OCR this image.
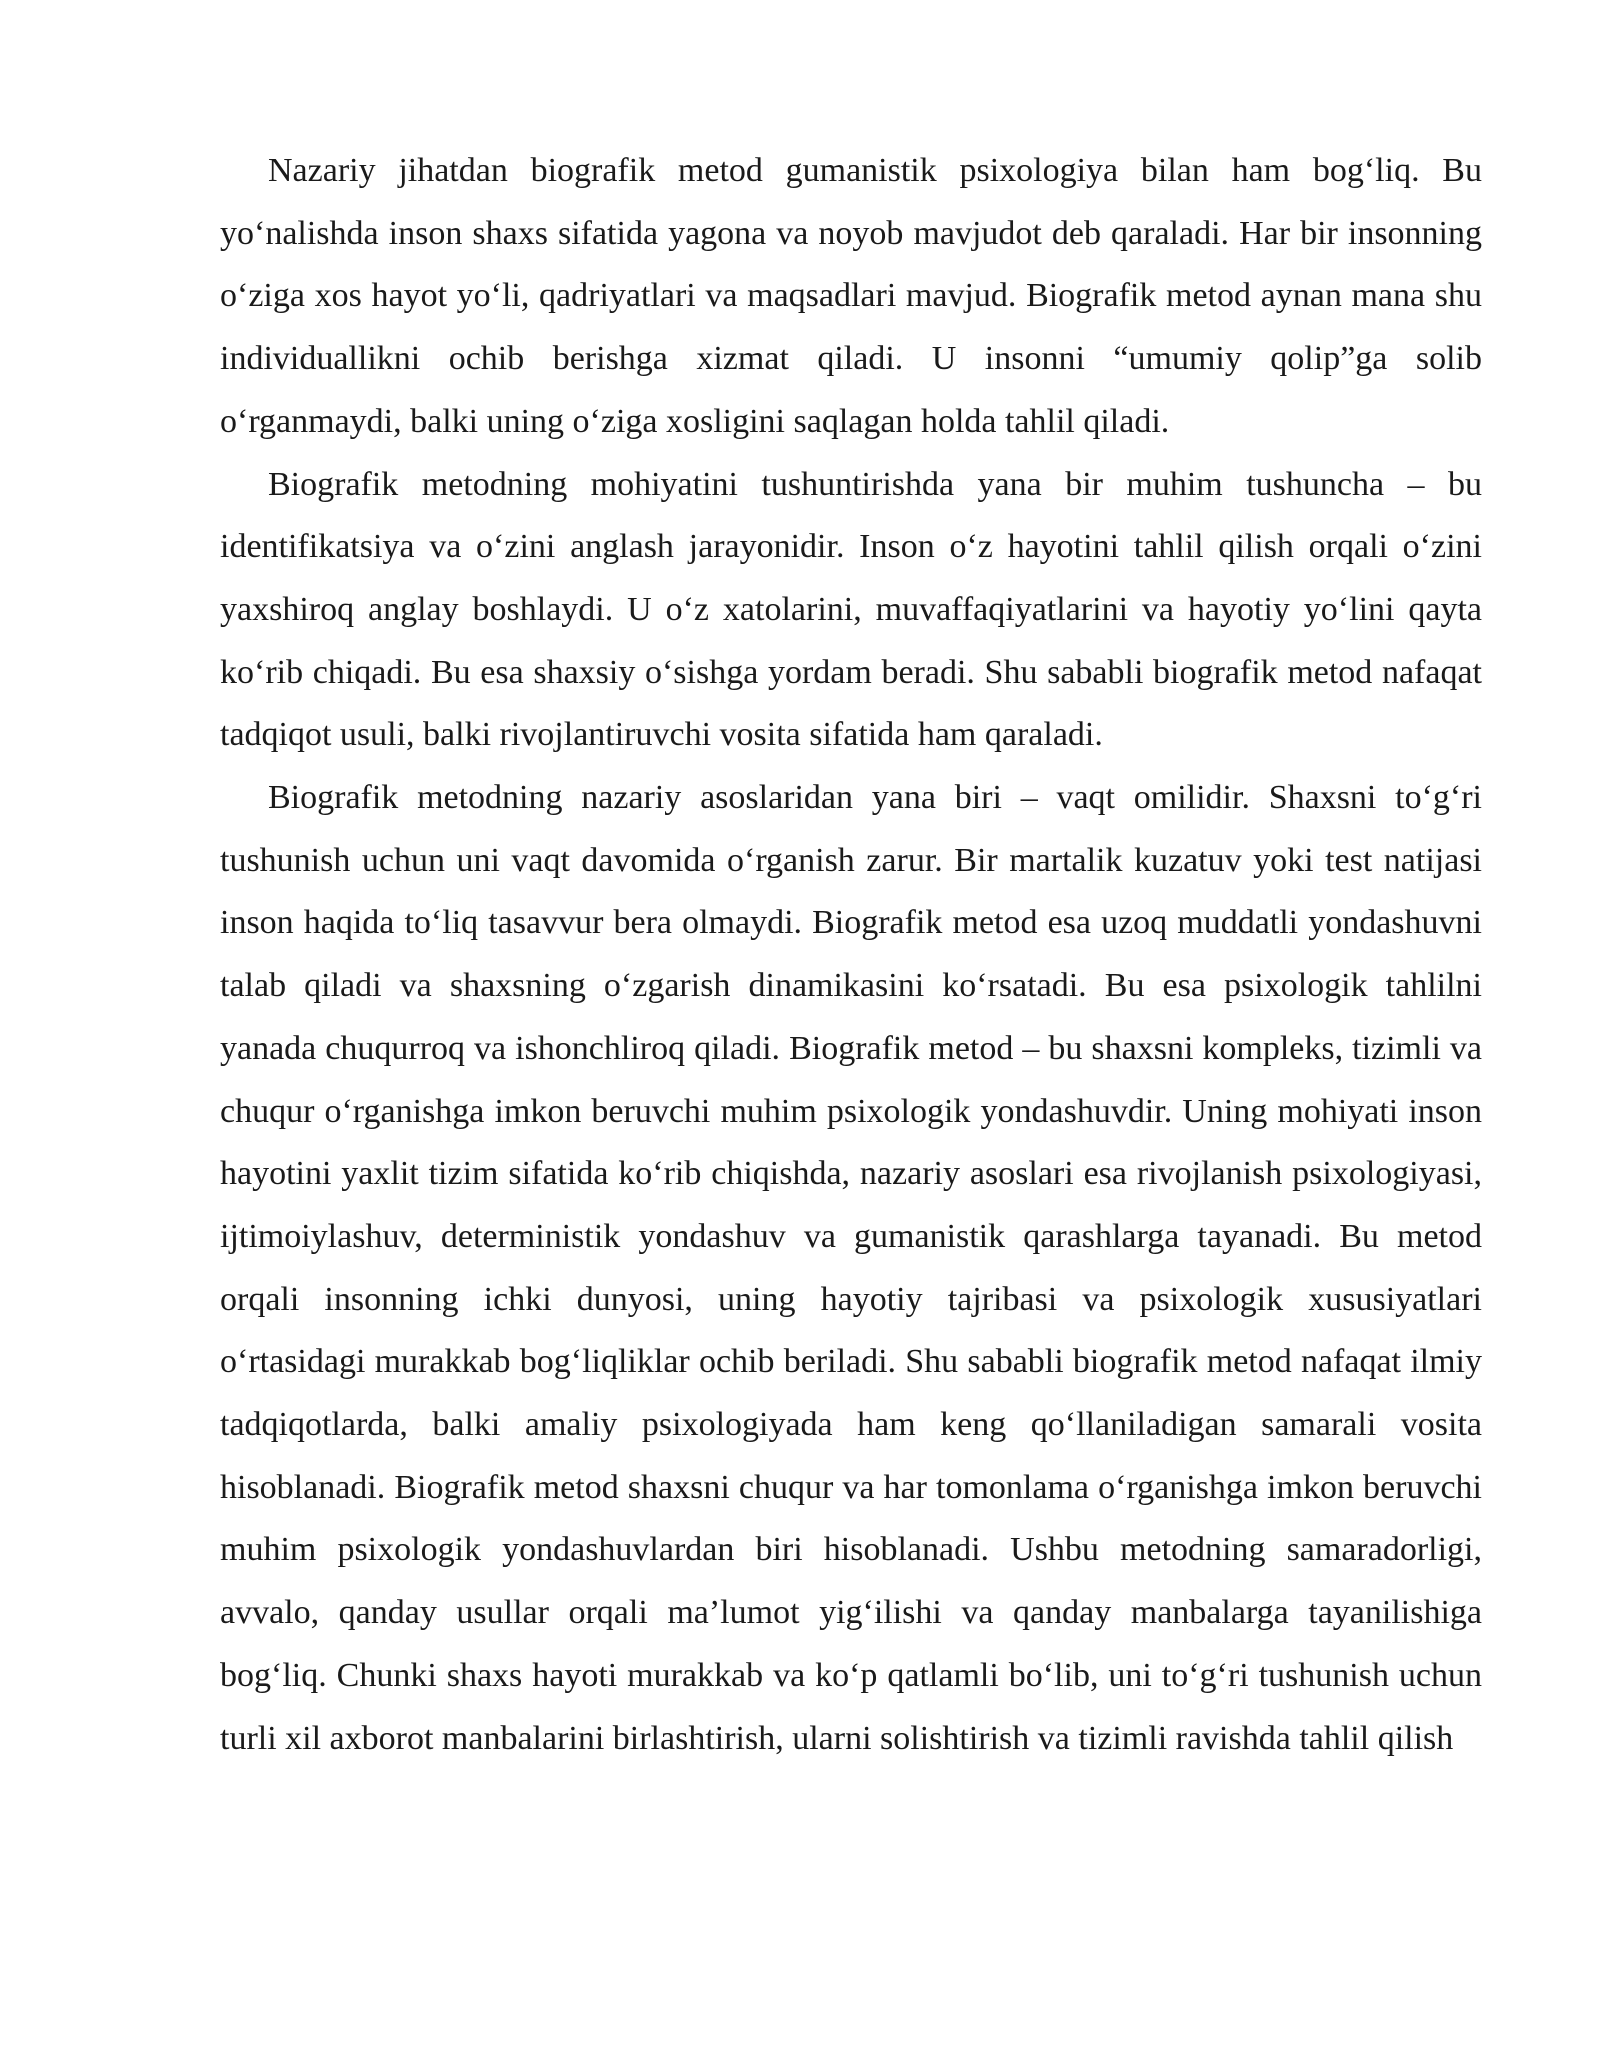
Nazariy jihatdan biografik metod gumanistik psixologiya bilan ham bog‘liq. Bu yo‘nalishda inson shaxs sifatida yagona va noyob mavjudot deb qaraladi. Har bir insonning o‘ziga xos hayot yo‘li, qadriyatlari va maqsadlari mavjud. Biografik metod aynan mana shu individuallikni ochib berishga xizmat qiladi. U insonni “umumiy qolip”ga solib o‘rganmaydi, balki uning o‘ziga xosligini saqlagan holda tahlil qiladi.

Biografik metodning mohiyatini tushuntirishda yana bir muhim tushuncha – bu identifikatsiya va o‘zini anglash jarayonidir. Inson o‘z hayotini tahlil qilish orqali o‘zini yaxshiroq anglay boshlaydi. U o‘z xatolarini, muvaffaqiyatlarini va hayotiy yo‘lini qayta ko‘rib chiqadi. Bu esa shaxsiy o‘sishga yordam beradi. Shu sababli biografik metod nafaqat tadqiqot usuli, balki rivojlantiruvchi vosita sifatida ham qaraladi.

Biografik metodning nazariy asoslaridan yana biri – vaqt omilidir. Shaxsni to‘g‘ri tushunish uchun uni vaqt davomida o‘rganish zarur. Bir martalik kuzatuv yoki test natijasi inson haqida to‘liq tasavvur bera olmaydi. Biografik metod esa uzoq muddatli yondashuvni talab qiladi va shaxsning o‘zgarish dinamikasini ko‘rsatadi. Bu esa psixologik tahlilni yanada chuqurroq va ishonchliroq qiladi. Biografik metod – bu shaxsni kompleks, tizimli va chuqur o‘rganishga imkon beruvchi muhim psixologik yondashuvdir. Uning mohiyati inson hayotini yaxlit tizim sifatida ko‘rib chiqishda, nazariy asoslari esa rivojlanish psixologiyasi, ijtimoiylashuv, deterministik yondashuv va gumanistik qarashlarga tayanadi. Bu metod orqali insonning ichki dunyosi, uning hayotiy tajribasi va psixologik xususiyatlari o‘rtasidagi murakkab bog‘liqliklar ochib beriladi. Shu sababli biografik metod nafaqat ilmiy tadqiqotlarda, balki amaliy psixologiyada ham keng qo‘llaniladigan samarali vosita hisoblanadi. Biografik metod shaxsni chuqur va har tomonlama o‘rganishga imkon beruvchi muhim psixologik yondashuvlardan biri hisoblanadi. Ushbu metodning samaradorligi, avvalo, qanday usullar orqali ma’lumot yig‘ilishi va qanday manbalarga tayanilishiga bog‘liq. Chunki shaxs hayoti murakkab va ko‘p qatlamli bo‘lib, uni to‘g‘ri tushunish uchun turli xil axborot manbalarini birlashtirish, ularni solishtirish va tizimli ravishda tahlil qilish
